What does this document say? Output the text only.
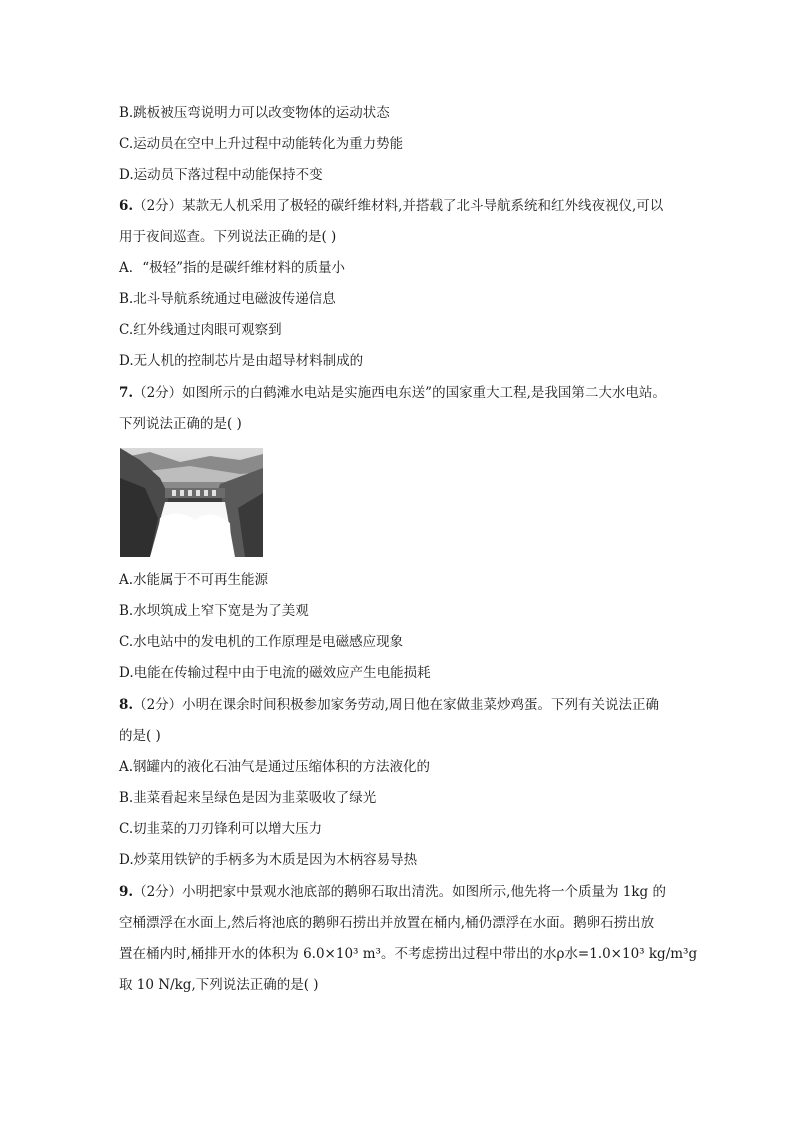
B.跳板被压弯说明力可以改变物体的运动状态
C.运动员在空中上升过程中动能转化为重力势能
D.运动员下落过程中动能保持不变
6.（2分）某款无人机采用了极轻的碳纤维材料,并搭载了北斗导航系统和红外线夜视仪,可以
用于夜间巡查。下列说法正确的是( )
A．“极轻”指的是碳纤维材料的质量小
B.北斗导航系统通过电磁波传递信息
C.红外线通过肉眼可观察到
D.无人机的控制芯片是由超导材料制成的
7.（2分）如图所示的白鹤滩水电站是实施西电东送”的国家重大工程,是我国第二大水电站。
下列说法正确的是( )
A.水能属于不可再生能源
B.水坝筑成上窄下宽是为了美观
C.水电站中的发电机的工作原理是电磁感应现象
D.电能在传输过程中由于电流的磁效应产生电能损耗
8.（2分）小明在课余时间积极参加家务劳动,周日他在家做韭菜炒鸡蛋。下列有关说法正确
的是( )
A.钢罐内的液化石油气是通过压缩体积的方法液化的
B.韭菜看起来呈绿色是因为韭菜吸收了绿光
C.切韭菜的刀刃锋利可以增大压力
D.炒菜用铁铲的手柄多为木质是因为木柄容易导热
9.（2分）小明把家中景观水池底部的鹅卵石取出清洗。如图所示,他先将一个质量为 1kg 的
空桶漂浮在水面上,然后将池底的鹅卵石捞出并放置在桶内,桶仍漂浮在水面。鹅卵石捞出放
置在桶内时,桶排开水的体积为 6.0×10³ m³。不考虑捞出过程中带出的水ρ水=1.0×10³ kg/m³g
取 10 N/kg,下列说法正确的是( )
